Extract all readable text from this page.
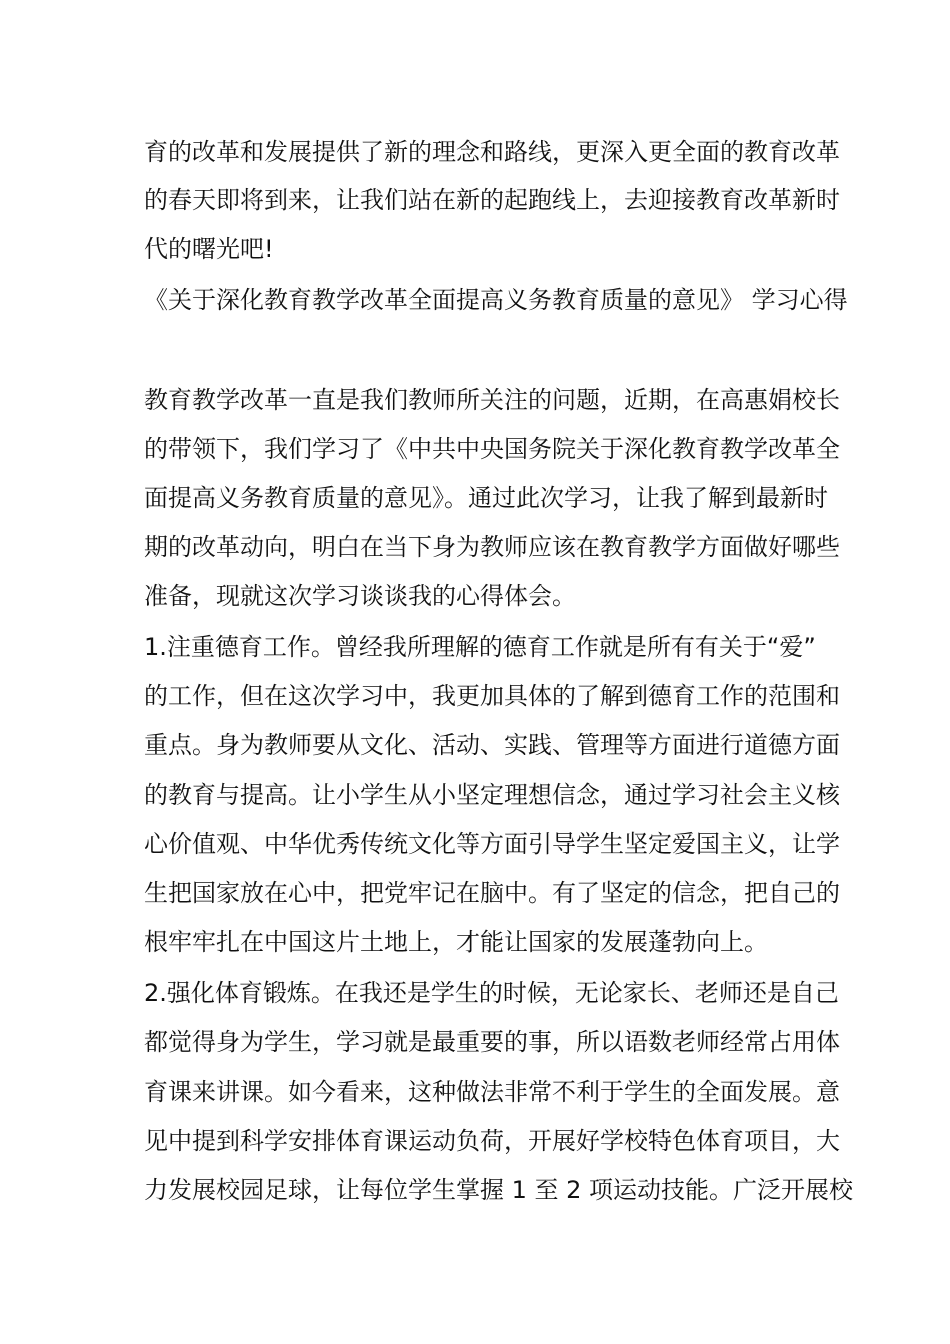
育的改革和发展提供了新的理念和路线，更深入更全面的教育改革
的春天即将到来，让我们站在新的起跑线上，去迎接教育改革新时
代的曙光吧!
《关于深化教育教学改革全面提高义务教育质量的意见》 学习心得
教育教学改革一直是我们教师所关注的问题，近期，在高惠娟校长
的带领下，我们学习了《中共中央国务院关于深化教育教学改革全
面提高义务教育质量的意见》。通过此次学习，让我了解到最新时
期的改革动向，明白在当下身为教师应该在教育教学方面做好哪些
准备，现就这次学习谈谈我的心得体会。
1.注重德育工作。曾经我所理解的德育工作就是所有有关于“爱”
的工作，但在这次学习中，我更加具体的了解到德育工作的范围和
重点。身为教师要从文化、活动、实践、管理等方面进行道德方面
的教育与提高。让小学生从小坚定理想信念，通过学习社会主义核
心价值观、中华优秀传统文化等方面引导学生坚定爱国主义，让学
生把国家放在心中，把党牢记在脑中。有了坚定的信念，把自己的
根牢牢扎在中国这片土地上，才能让国家的发展蓬勃向上。
2.强化体育锻炼。在我还是学生的时候，无论家长、老师还是自己
都觉得身为学生，学习就是最重要的事，所以语数老师经常占用体
育课来讲课。如今看来，这种做法非常不利于学生的全面发展。意
见中提到科学安排体育课运动负荷，开展好学校特色体育项目，大
力发展校园足球，让每位学生掌握 1 至 2 项运动技能。广泛开展校
